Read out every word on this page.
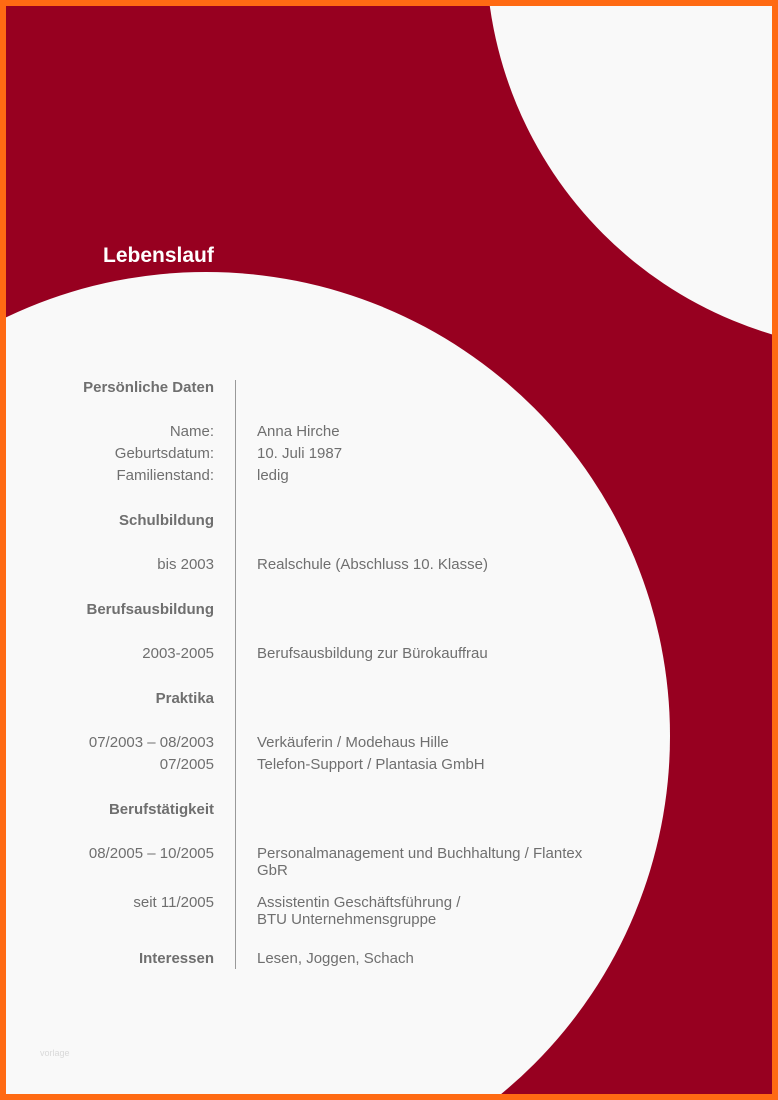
Lebenslauf
Persönliche Daten
Name:	Anna Hirche
Geburtsdatum:	10. Juli 1987
Familienstand:	ledig
Schulbildung
bis 2003	Realschule (Abschluss 10. Klasse)
Berufsausbildung
2003-2005	Berufsausbildung zur Bürokauffrau
Praktika
07/2003 – 08/2003	Verkäuferin / Modehaus Hille
07/2005	Telefon-Support / Plantasia GmbH
Berufstätigkeit
08/2005 – 10/2005	Personalmanagement und Buchhaltung / Flantex
GbR
seit 11/2005	Assistentin Geschäftsführung /
BTU Unternehmensgruppe
Interessen	Lesen, Joggen, Schach
vorlage
